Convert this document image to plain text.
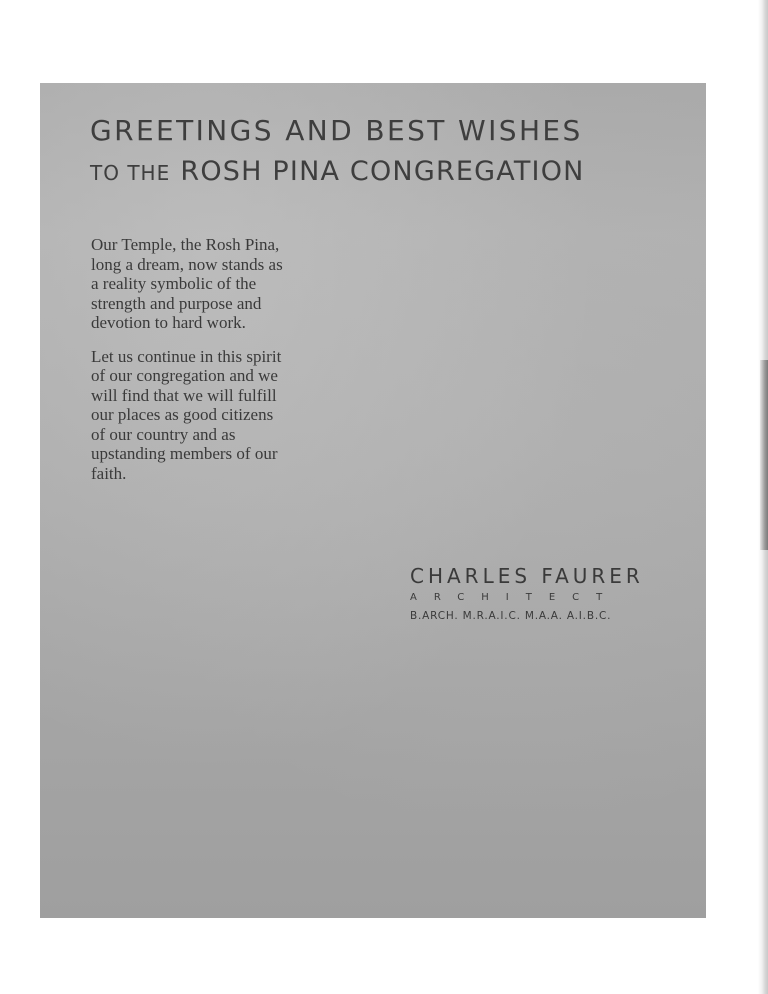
GREETINGS AND BEST WISHES
TO THE ROSH PINA CONGREGATION

Our Temple, the Rosh Pina, long a dream, now stands as a reality symbolic of the strength and purpose and devotion to hard work.

Let us continue in this spirit of our congregation and we will find that we will fulfill our places as good citizens of our country and as upstanding members of our faith.

CHARLES FAURER
ARCHITECT
B.ARCH. M.R.A.I.C. M.A.A. A.I.B.C.
